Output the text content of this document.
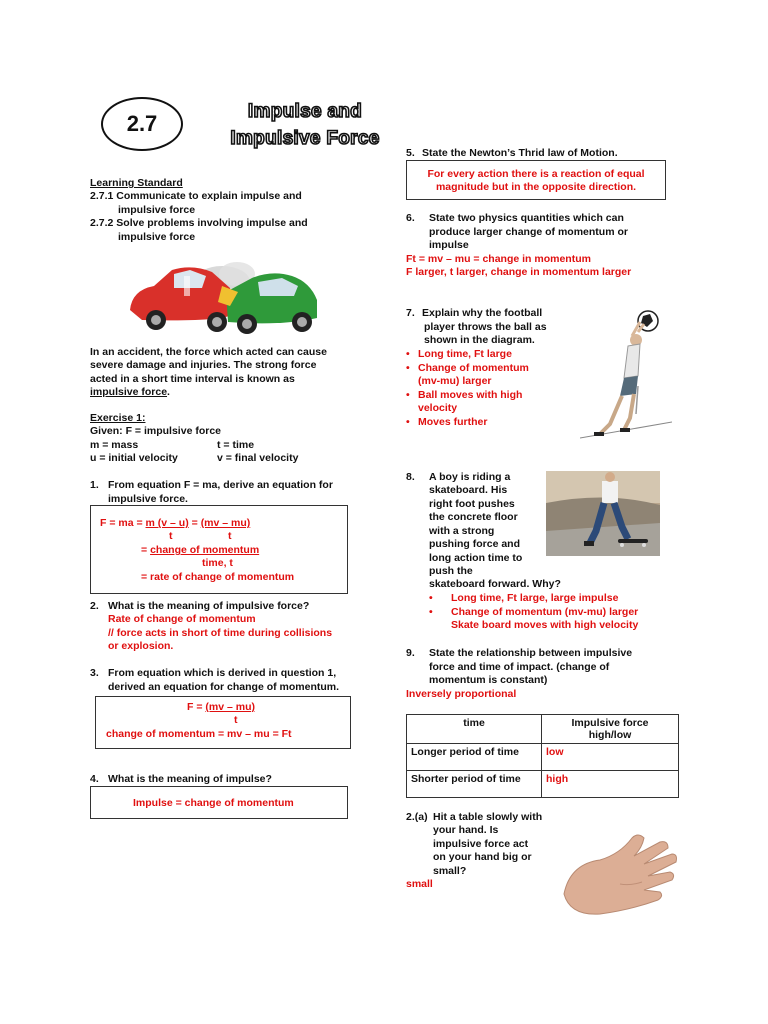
2.7	Impulse and
Impulsive Force
Learning Standard
2.7.1 Communicate to explain impulse and
impulsive force
2.7.2 Solve problems involving impulse and
impulsive force
In an accident, the force which acted can cause
severe damage and injuries. The strong force
acted in a short time interval is known as
impulsive force.
Exercise 1:
Given: F = impulsive force
m = mass	t = time
u = initial velocity	v = final velocity
1. From equation F = ma, derive an equation for
impulsive force.
F = ma = m (v – u) = (mv – mu)
t	t
= change of momentum
time, t
= rate of change of momentum
2. What is the meaning of impulsive force?
Rate of change of momentum
// force acts in short of time during collisions
or explosion.
3. From equation which is derived in question 1,
derived an equation for change of momentum.
F = (mv – mu)
t
change of momentum = mv – mu = Ft
4. What is the meaning of impulse?
Impulse = change of momentum
5. State the Newton’s Thrid law of Motion.
For every action there is a reaction of equal
magnitude but in the opposite direction.
6. State two physics quantities which can
produce larger change of momentum or
impulse
Ft = mv – mu = change in momentum
F larger, t larger, change in momentum larger
7. Explain why the football
player throws the ball as
shown in the diagram.
• Long time, Ft large
• Change of momentum
(mv-mu) larger
• Ball moves with high
velocity
• Moves further
8. A boy is riding a
skateboard. His
right foot pushes
the concrete floor
with a strong
pushing force and
long action time to
push the
skateboard forward. Why?
• Long time, Ft large, large impulse
• Change of momentum (mv-mu) larger
Skate board moves with high velocity
9. State the relationship between impulsive
force and time of impact. (change of
momentum is constant)
Inversely proportional
time	Impulsive force
high/low

Longer period of time	low
Shorter period of time	high
2.(a) Hit a table slowly with
your hand. Is
impulsive force act
on your hand big or
small?
small
